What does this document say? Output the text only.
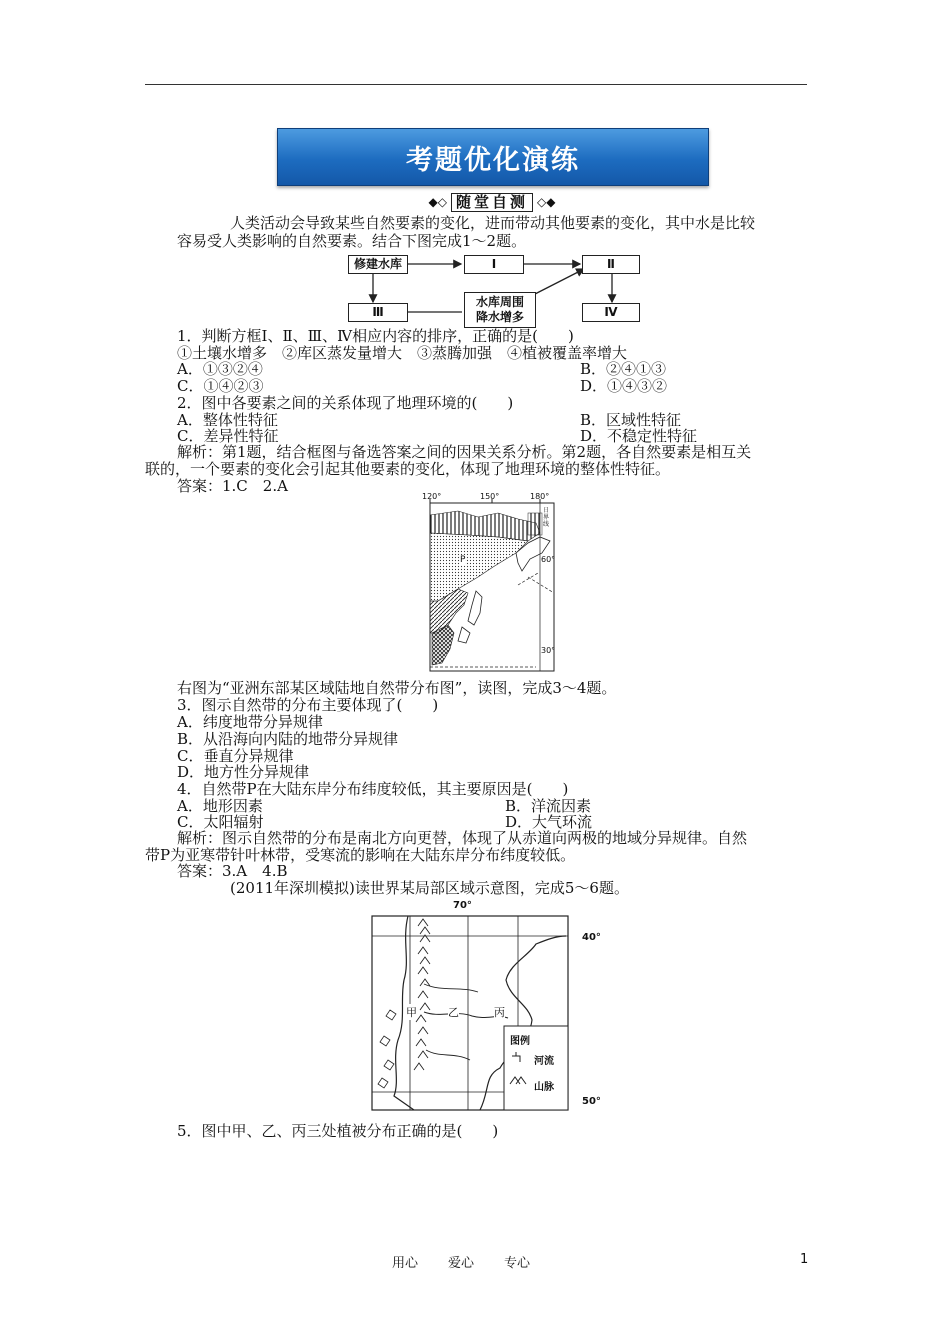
考题优化演练
◆◇ 随堂自测 ◇◆
人类活动会导致某些自然要素的变化，进而带动其他要素的变化，其中水是比较
容易受人类影响的自然要素。结合下图完成1～2题。
修建水库	Ⅰ	Ⅱ
Ⅲ
水库周围
降水增多	Ⅳ
1．判断方框Ⅰ、Ⅱ、Ⅲ、Ⅳ相应内容的排序，正确的是(　　)
①土壤水增多　②库区蒸发量增大　③蒸腾加强　④植被覆盖率增大
A．①③②④	B．②④①③
C．①④②③	D．①④③②
2．图中各要素之间的关系体现了地理环境的(　　)
A．整体性特征	B．区域性特征
C．差异性特征	D．不稳定性特征
解析：第1题，结合框图与备选答案之间的因果关系分析。第2题，各自然要素是相互关
联的，一个要素的变化会引起其他要素的变化，体现了地理环境的整体性特征。
答案：1.C　2.A
120°	150°	180°
60°
30°
P
日界线
右图为“亚洲东部某区域陆地自然带分布图”，读图，完成3～4题。
3．图示自然带的分布主要体现了(　　)
A．纬度地带分异规律
B．从沿海向内陆的地带分异规律
C．垂直分异规律
D．地方性分异规律
4．自然带P在大陆东岸分布纬度较低，其主要原因是(　　)
A．地形因素	B．洋流因素
C．太阳辐射	D．大气环流
解析：图示自然带的分布是南北方向更替，体现了从赤道向两极的地域分异规律。自然
带P为亚寒带针叶林带，受寒流的影响在大陆东岸分布纬度较低。
答案：3.A　4.B
(2011年深圳模拟)读世界某局部区域示意图，完成5～6题。
70°
40°
50°
甲	乙	丙
图例
河流
山脉
5．图中甲、乙、丙三处植被分布正确的是(　　)
用心 爱心 专心	1
